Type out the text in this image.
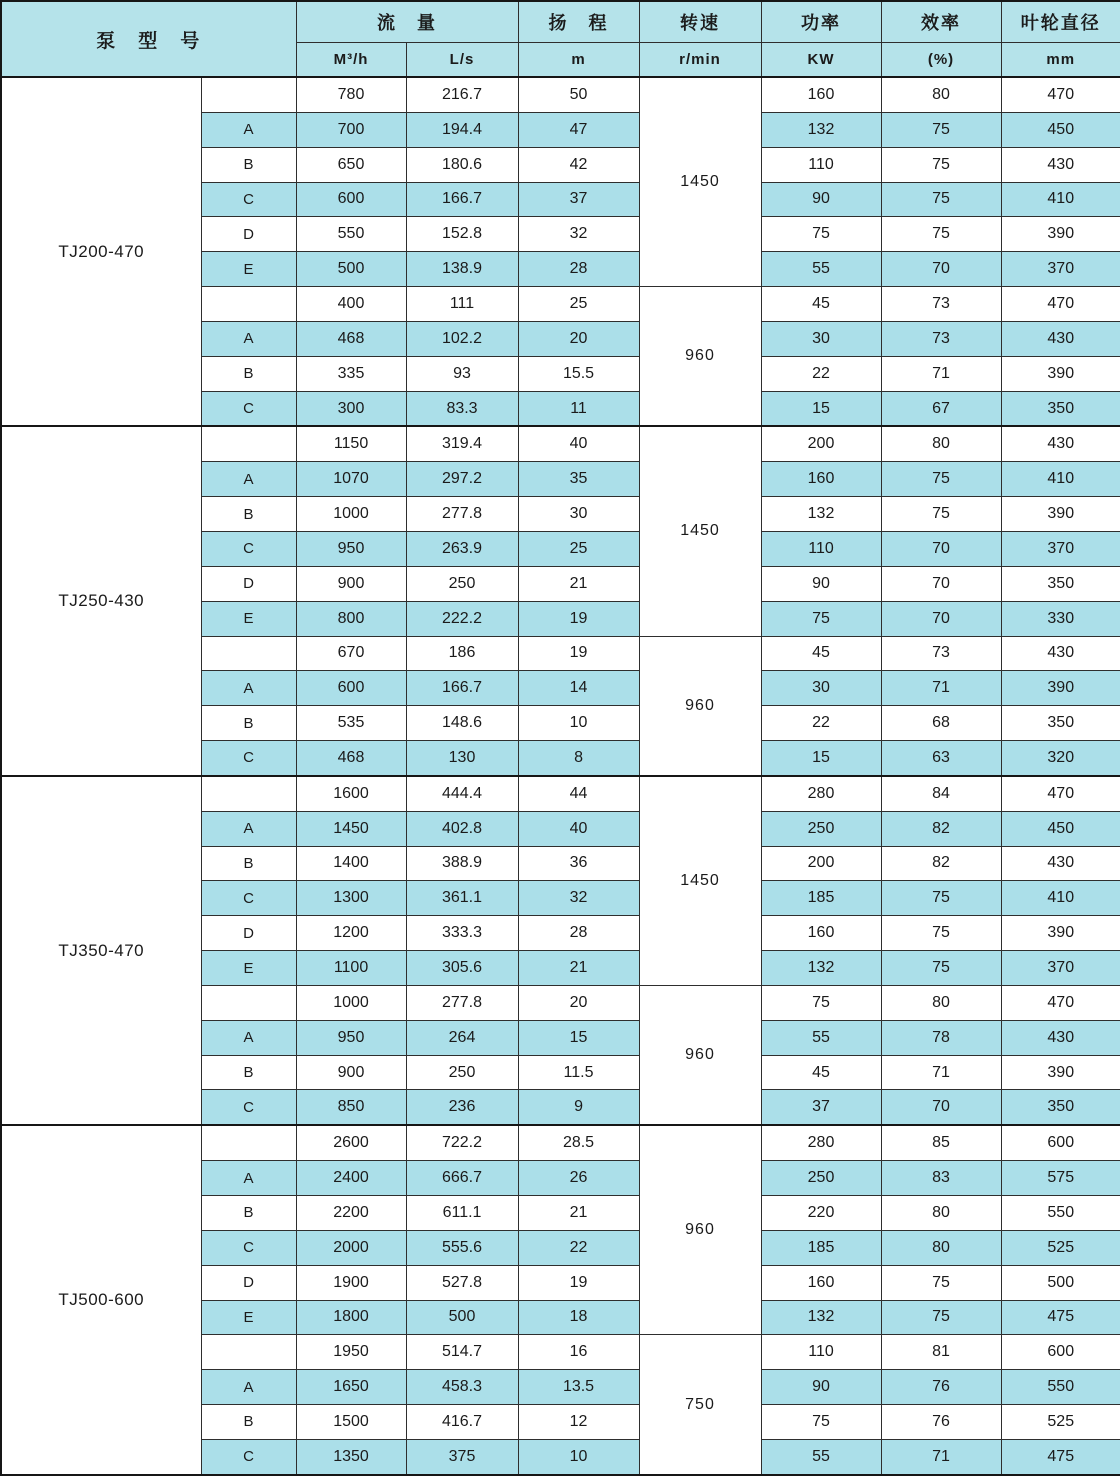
泵　型　号		流　量		扬　程	转速	功率	效率	叶轮直径
		M³/h	L/s	m	r/min	KW	(%)	mm
TJ200-470		780	216.7	50	1450	160	80	470
	A	700	194.4	47		132	75	450
	B	650	180.6	42		110	75	430
	C	600	166.7	37		90	75	410
	D	550	152.8	32		75	75	390
	E	500	138.9	28		55	70	370
		400	111	25	960	45	73	470
	A	468	102.2	20		30	73	430
	B	335	93	15.5		22	71	390
	C	300	83.3	11		15	67	350
TJ250-430		1150	319.4	40	1450	200	80	430
	A	1070	297.2	35		160	75	410
	B	1000	277.8	30		132	75	390
	C	950	263.9	25		110	70	370
	D	900	250	21		90	70	350
	E	800	222.2	19		75	70	330
		670	186	19	960	45	73	430
	A	600	166.7	14		30	71	390
	B	535	148.6	10		22	68	350
	C	468	130	8		15	63	320
TJ350-470		1600	444.4	44	1450	280	84	470
	A	1450	402.8	40		250	82	450
	B	1400	388.9	36		200	82	430
	C	1300	361.1	32		185	75	410
	D	1200	333.3	28		160	75	390
	E	1100	305.6	21		132	75	370
		1000	277.8	20	960	75	80	470
	A	950	264	15		55	78	430
	B	900	250	11.5		45	71	390
	C	850	236	9		37	70	350
TJ500-600		2600	722.2	28.5	960	280	85	600
	A	2400	666.7	26		250	83	575
	B	2200	611.1	21		220	80	550
	C	2000	555.6	22		185	80	525
	D	1900	527.8	19		160	75	500
	E	1800	500	18		132	75	475
		1950	514.7	16	750	110	81	600
	A	1650	458.3	13.5		90	76	550
	B	1500	416.7	12		75	76	525
	C	1350	375	10		55	71	475
